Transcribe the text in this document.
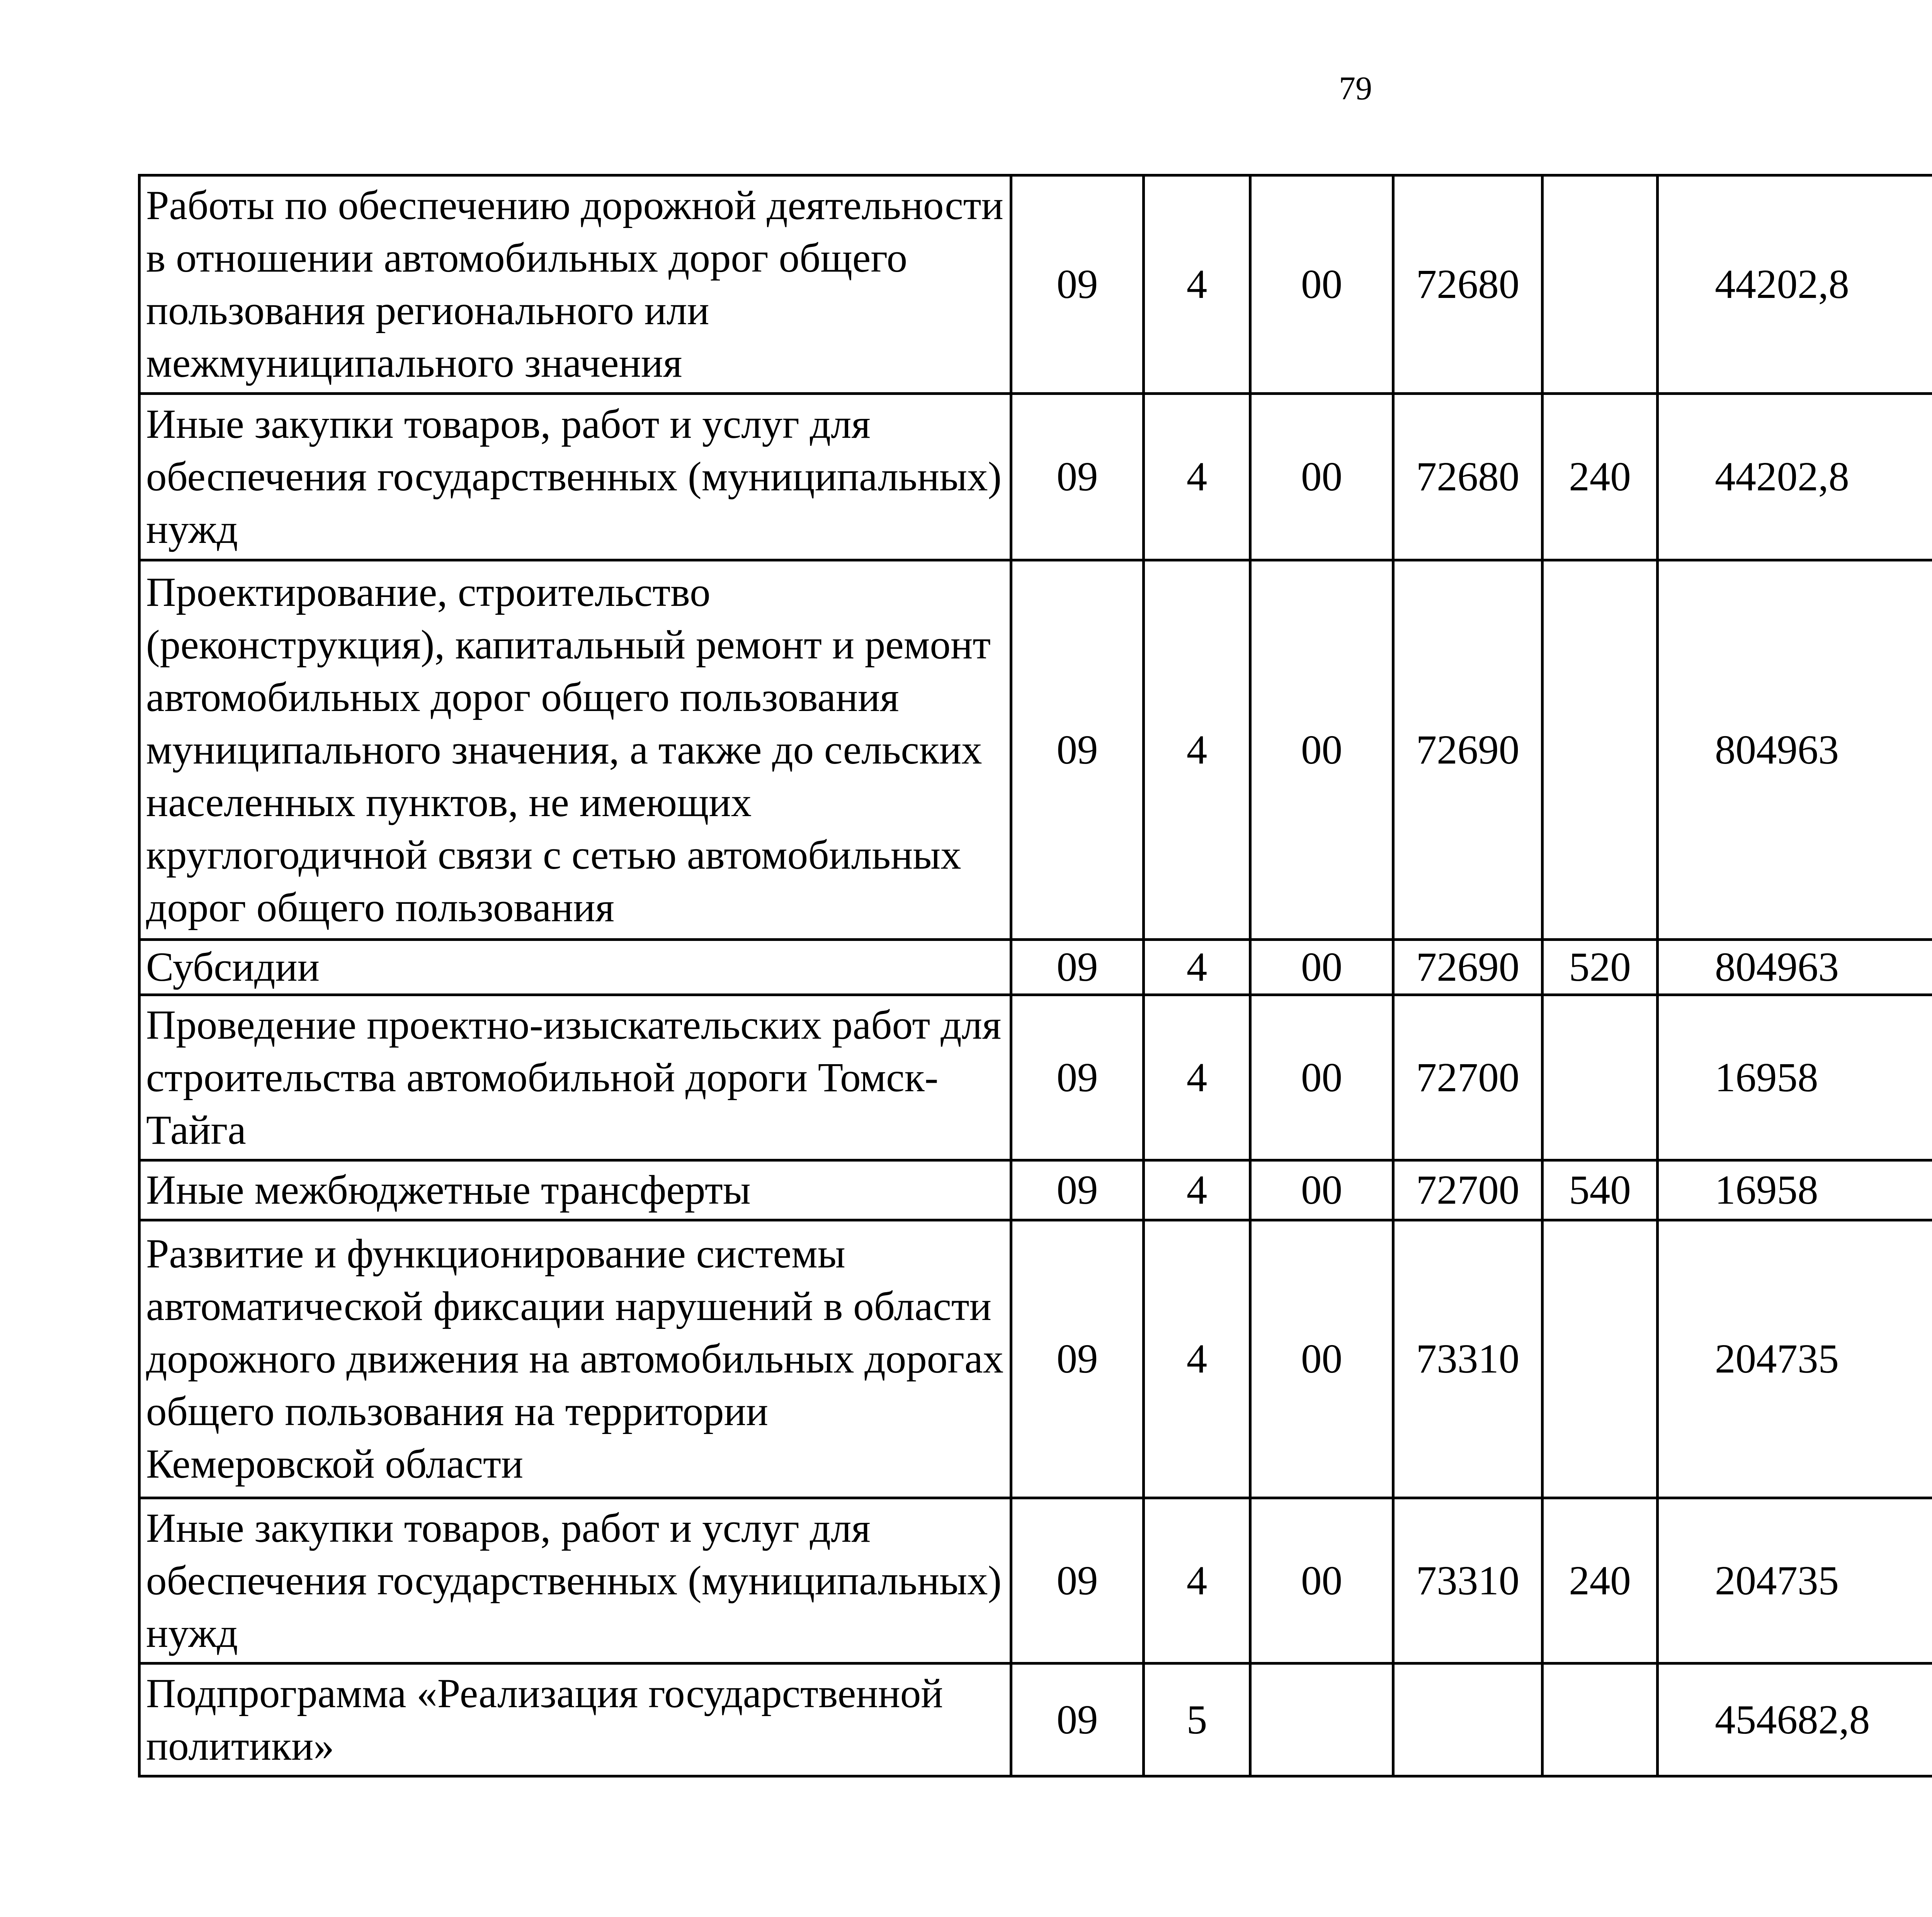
79
Работы по обеспечению дорожной деятельности в отношении автомобильных дорог общего пользования регионального или межмуниципального значения	09	4	00	72680		44202,8		
Иные закупки товаров, работ и услуг для обеспечения государственных (муниципальных) нужд	09	4	00	72680	240	44202,8		
Проектирование, строительство (реконструкция), капитальный ремонт и ремонт автомобильных дорог общего пользования муниципального значения, а также до сельских населенных пунктов, не имеющих круглогодичной связи с сетью автомобильных дорог общего пользования	09	4	00	72690		804963		
Субсидии	09	4	00	72690	520	804963		
Проведение проектно-изыскательских работ для строительства автомобильной дороги Томск-Тайга	09	4	00	72700		16958		
Иные межбюджетные трансферты	09	4	00	72700	540	16958		
Развитие и функционирование системы автоматической фиксации нарушений в области дорожного движения на автомобильных дорогах общего пользования на территории Кемеровской области	09	4	00	73310		204735		
Иные закупки товаров, работ и услуг для обеспечения государственных (муниципальных) нужд	09	4	00	73310	240	204735		
Подпрограмма «Реализация государственной политики»	09	5				454682,8		
